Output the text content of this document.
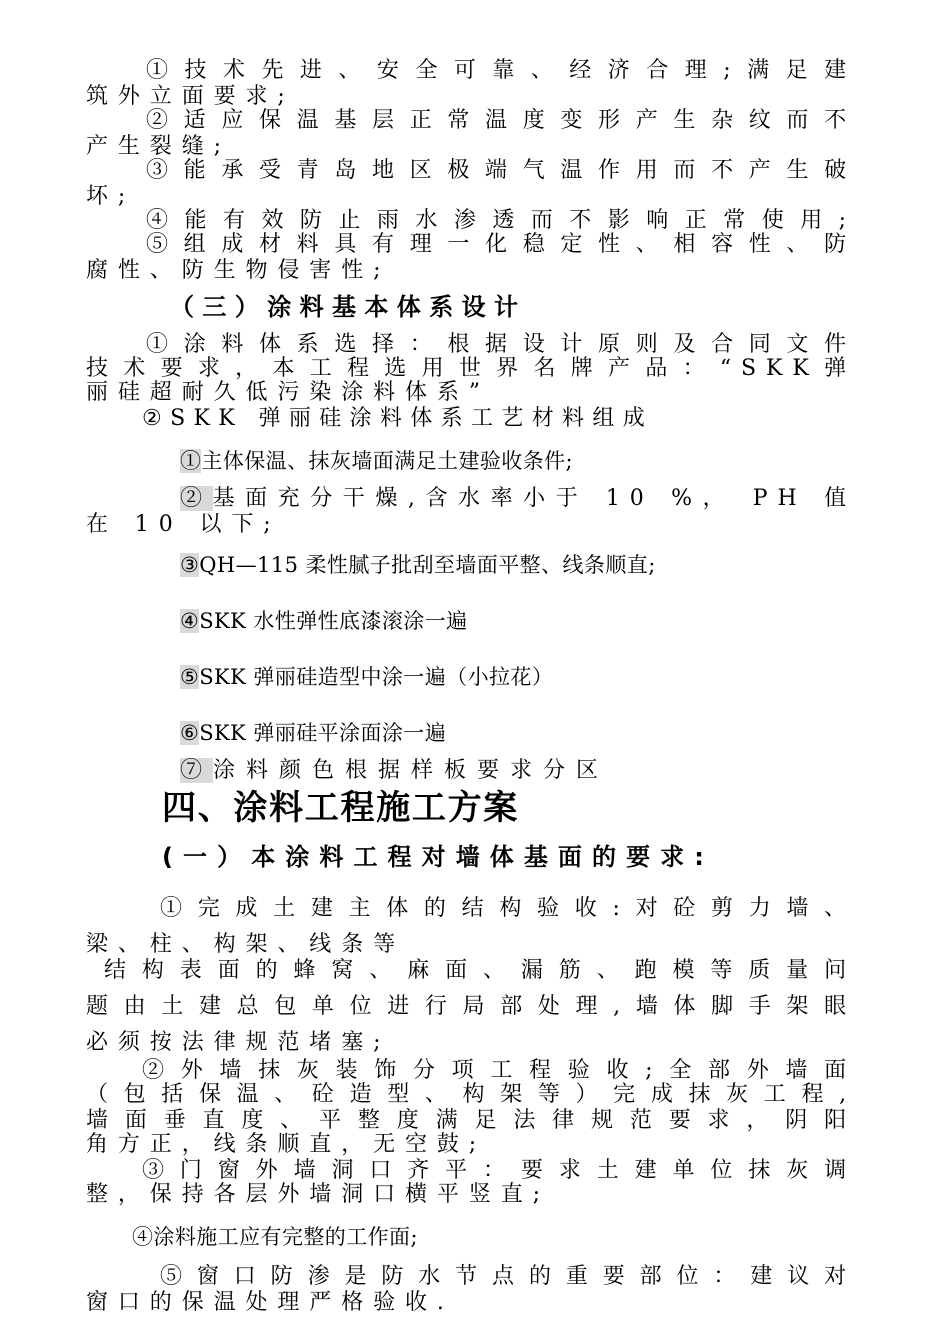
①技术先进、安全可靠、经济合理;满足建
筑外立面要求;
②适应保温基层正常温度变形产生杂纹而不
产生裂缝;
③能承受青岛地区极端气温作用而不产生破
坏;
④能有效防止雨水渗透而不影响正常使用;
⑤组成材料具有理一化稳定性、相容性、防
腐性、防生物侵害性;
（三）涂料基本体系设计
①涂料体系选择：根据设计原则及合同文件
技术要求，本工程选用世界名牌产品：“SKK弹
丽硅超耐久低污染涂料体系”
②SKK 弹丽硅涂料体系工艺材料组成
①主体保温、抹灰墙面满足土建验收条件;
②基面充分干燥,含水率小于 10 %， PH 值
在 10 以下;
③QH—115 柔性腻子批刮至墙面平整、线条顺直;
④SKK 水性弹性底漆滚涂一遍
⑤SKK 弹丽硅造型中涂一遍（小拉花）
⑥SKK 弹丽硅平涂面涂一遍
⑦涂料颜色根据样板要求分区
四、涂料工程施工方案
(一）本涂料工程对墙体基面的要求:
①完成土建主体的结构验收:对砼剪力墙、
梁、柱、构架、线条等
结构表面的蜂窝、麻面、漏筋、跑模等质量问
题由土建总包单位进行局部处理,墙体脚手架眼
必须按法律规范堵塞;
②外墙抹灰装饰分项工程验收;全部外墙面
（包括保温、砼造型、构架等）完成抹灰工程,
墙面垂直度、平整度满足法律规范要求，阴阳
角方正，线条顺直，无空鼓;
③门窗外墙洞口齐平：要求土建单位抹灰调
整，保持各层外墙洞口横平竖直;
④涂料施工应有完整的工作面;
⑤窗口防渗是防水节点的重要部位：建议对
窗口的保温处理严格验收.
